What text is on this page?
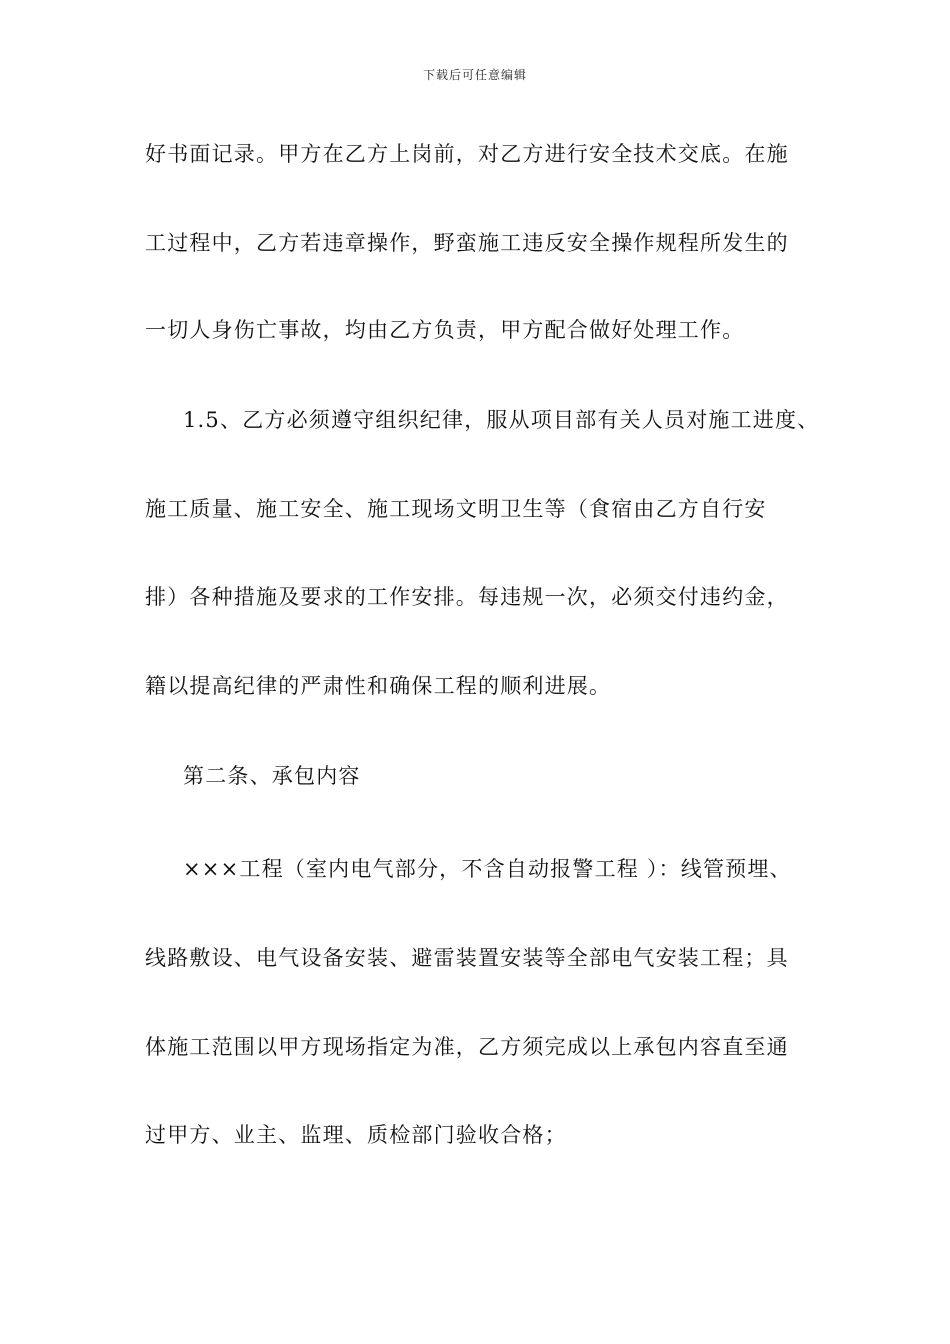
下载后可任意编辑
好书面记录。甲方在乙方上岗前，对乙方进行安全技术交底。在施
工过程中，乙方若违章操作，野蛮施工违反安全操作规程所发生的
一切人身伤亡事故，均由乙方负责，甲方配合做好处理工作。
1.5、乙方必须遵守组织纪律，服从项目部有关人员对施工进度、
施工质量、施工安全、施工现场文明卫生等（食宿由乙方自行安
排）各种措施及要求的工作安排。每违规一次，必须交付违约金，
籍以提高纪律的严肃性和确保工程的顺利进展。
第二条、承包内容
×××工程（室内电气部分，不含自动报警工程 ）：线管预埋、
线路敷设、电气设备安装、避雷装置安装等全部电气安装工程；具
体施工范围以甲方现场指定为准，乙方须完成以上承包内容直至通
过甲方、业主、监理、质检部门验收合格；
